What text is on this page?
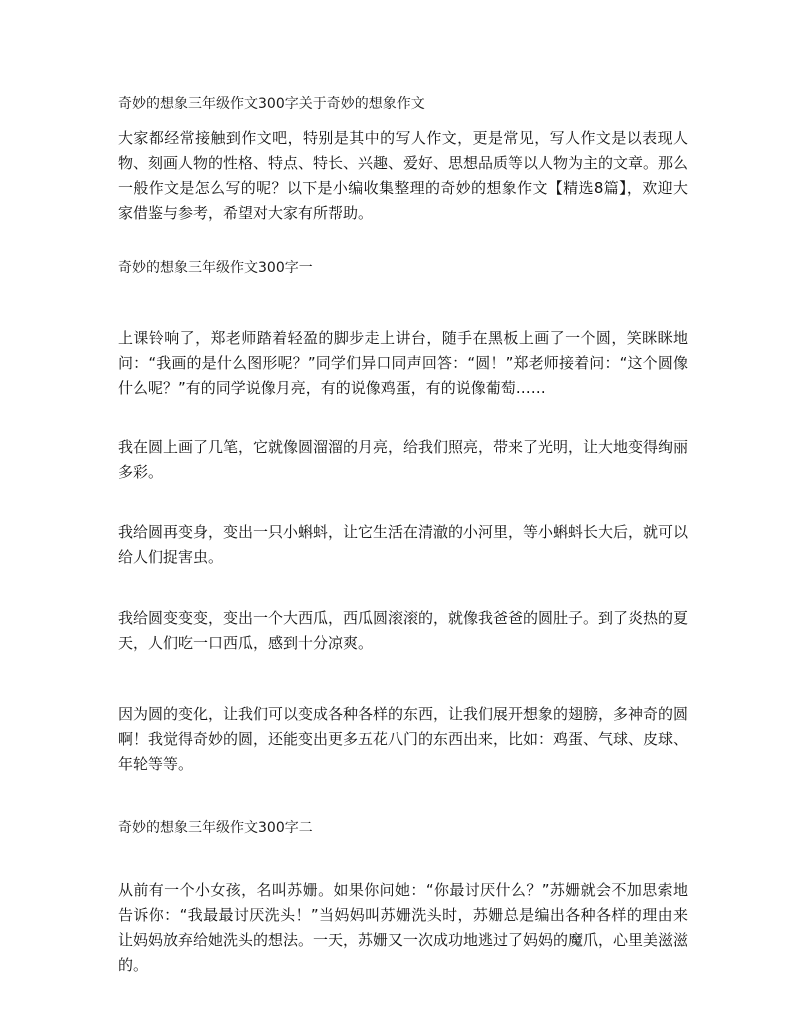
奇妙的想象三年级作文300字关于奇妙的想象作文
大家都经常接触到作文吧，特别是其中的写人作文，更是常见，写人作文是以表现人物、刻画人物的性格、特点、特长、兴趣、爱好、思想品质等以人物为主的文章。那么一般作文是怎么写的呢？以下是小编收集整理的奇妙的想象作文【精选8篇】，欢迎大家借鉴与参考，希望对大家有所帮助。
奇妙的想象三年级作文300字一
上课铃响了，郑老师踏着轻盈的脚步走上讲台，随手在黑板上画了一个圆，笑眯眯地问：“我画的是什么图形呢？”同学们异口同声回答：“圆！”郑老师接着问：“这个圆像什么呢？”有的同学说像月亮，有的说像鸡蛋，有的说像葡萄……
我在圆上画了几笔，它就像圆溜溜的月亮，给我们照亮，带来了光明，让大地变得绚丽多彩。
我给圆再变身，变出一只小蝌蚪，让它生活在清澈的小河里，等小蝌蚪长大后，就可以给人们捉害虫。
我给圆变变变，变出一个大西瓜，西瓜圆滚滚的，就像我爸爸的圆肚子。到了炎热的夏天，人们吃一口西瓜，感到十分凉爽。
因为圆的变化，让我们可以变成各种各样的东西，让我们展开想象的翅膀，多神奇的圆啊！我觉得奇妙的圆，还能变出更多五花八门的东西出来，比如：鸡蛋、气球、皮球、年轮等等。
奇妙的想象三年级作文300字二
从前有一个小女孩，名叫苏姗。如果你问她：“你最讨厌什么？”苏姗就会不加思索地告诉你：“我最最讨厌洗头！”当妈妈叫苏姗洗头时，苏姗总是编出各种各样的理由来让妈妈放弃给她洗头的想法。一天，苏姗又一次成功地逃过了妈妈的魔爪，心里美滋滋的。
